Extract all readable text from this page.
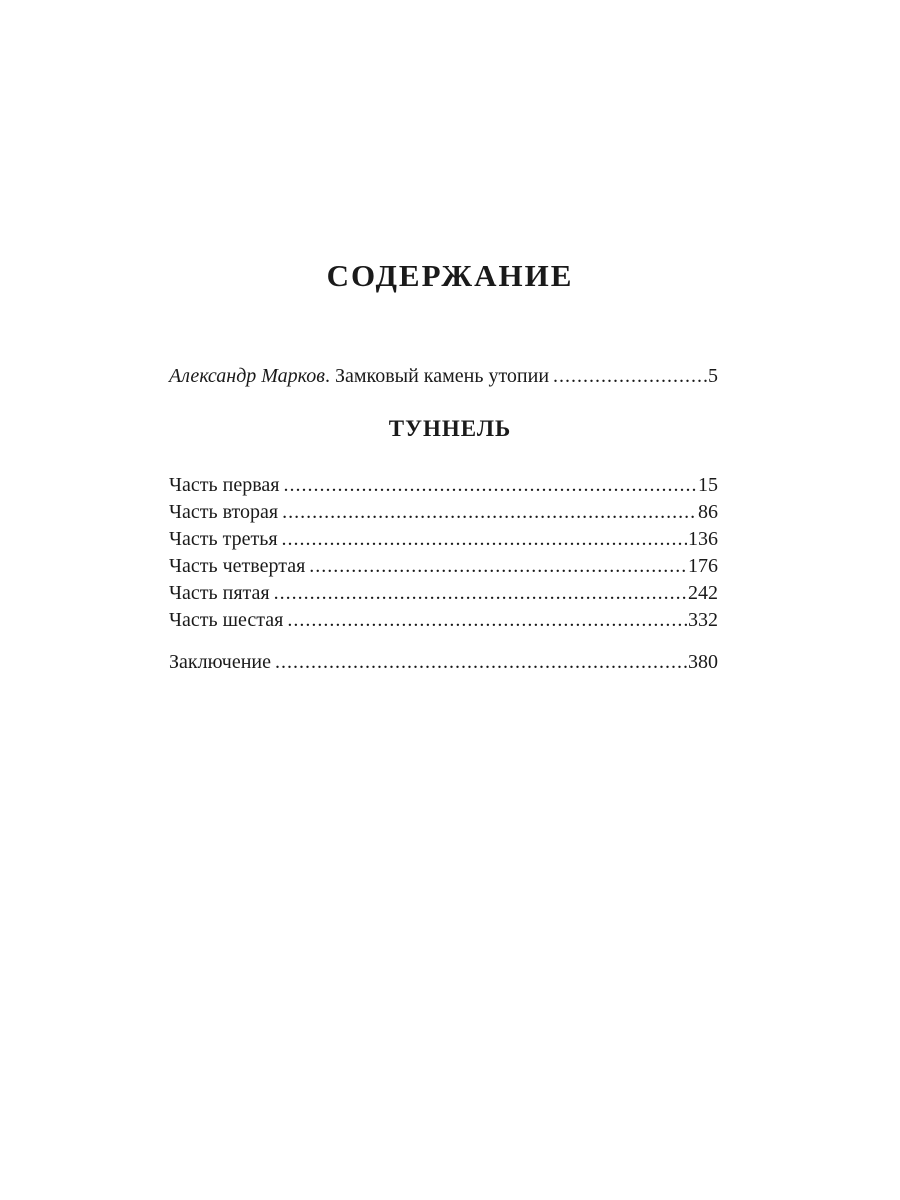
СОДЕРЖАНИЕ
Александр Марков. Замковый камень утопии .....	5
ТУННЕЛЬ
Часть первая .....	15
Часть вторая .....	86
Часть третья .....	136
Часть четвертая .....	176
Часть пятая .....	242
Часть шестая .....	332
Заключение .....	380
